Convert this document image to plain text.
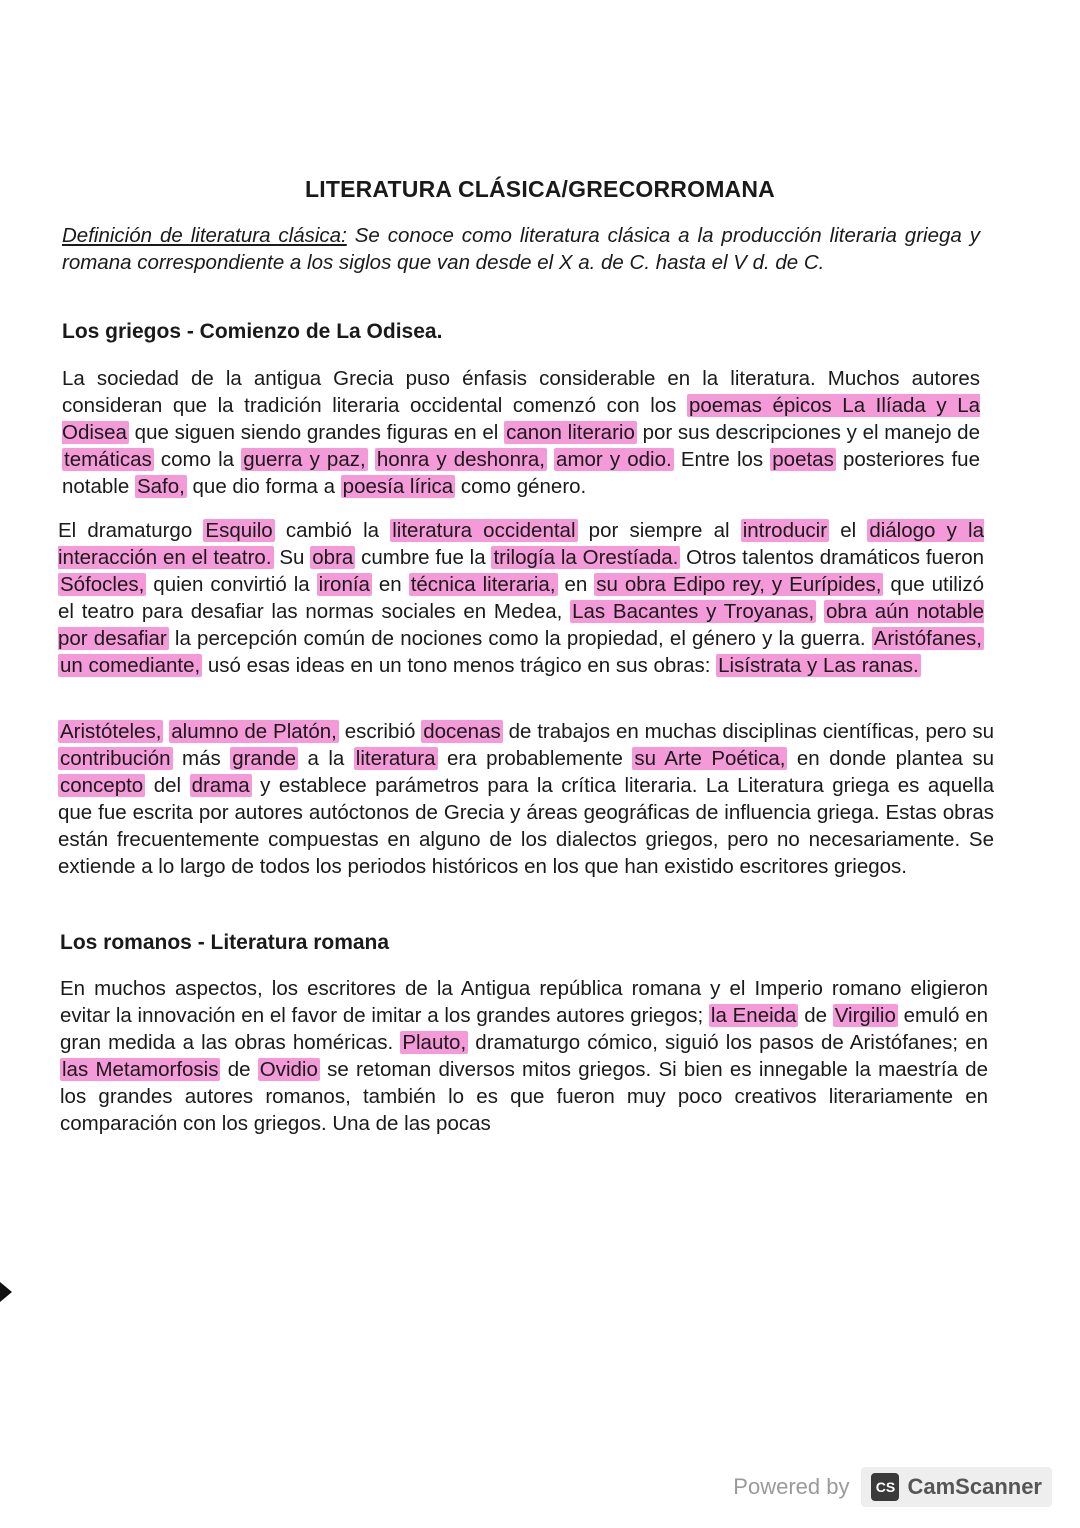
LITERATURA CLÁSICA/GRECORROMANA
Definición de literatura clásica: Se conoce como literatura clásica a la producción literaria griega y romana correspondiente a los siglos que van desde el X a. de C. hasta el V d. de C.
Los griegos - Comienzo de La Odisea.
La sociedad de la antigua Grecia puso énfasis considerable en la literatura. Muchos autores consideran que la tradición literaria occidental comenzó con los poemas épicos La Ilíada y La Odisea que siguen siendo grandes figuras en el canon literario por sus descripciones y el manejo de temáticas como la guerra y paz, honra y deshonra, amor y odio. Entre los poetas posteriores fue notable Safo, que dio forma a poesía lírica como género.
El dramaturgo Esquilo cambió la literatura occidental por siempre al introducir el diálogo y la interacción en el teatro. Su obra cumbre fue la trilogía la Orestíada. Otros talentos dramáticos fueron Sófocles, quien convirtió la ironía en técnica literaria, en su obra Edipo rey, y Eurípides, que utilizó el teatro para desafiar las normas sociales en Medea, Las Bacantes y Troyanas, obra aún notable por desafiar la percepción común de nociones como la propiedad, el género y la guerra. Aristófanes, un comediante, usó esas ideas en un tono menos trágico en sus obras: Lisístrata y Las ranas.
Aristóteles, alumno de Platón, escribió docenas de trabajos en muchas disciplinas científicas, pero su contribución más grande a la literatura era probablemente su Arte Poética, en donde plantea su concepto del drama y establece parámetros para la crítica literaria. La Literatura griega es aquella que fue escrita por autores autóctonos de Grecia y áreas geográficas de influencia griega. Estas obras están frecuentemente compuestas en alguno de los dialectos griegos, pero no necesariamente. Se extiende a lo largo de todos los periodos históricos en los que han existido escritores griegos.
Los romanos - Literatura romana
En muchos aspectos, los escritores de la Antigua república romana y el Imperio romano eligieron evitar la innovación en el favor de imitar a los grandes autores griegos; la Eneida de Virgilio emuló en gran medida a las obras homéricas. Plauto, dramaturgo cómico, siguió los pasos de Aristófanes; en las Metamorfosis de Ovidio se retoman diversos mitos griegos. Si bien es innegable la maestría de los grandes autores romanos, también lo es que fueron muy poco creativos literariamente en comparación con los griegos. Una de las pocas
Powered by	CS CamScanner
